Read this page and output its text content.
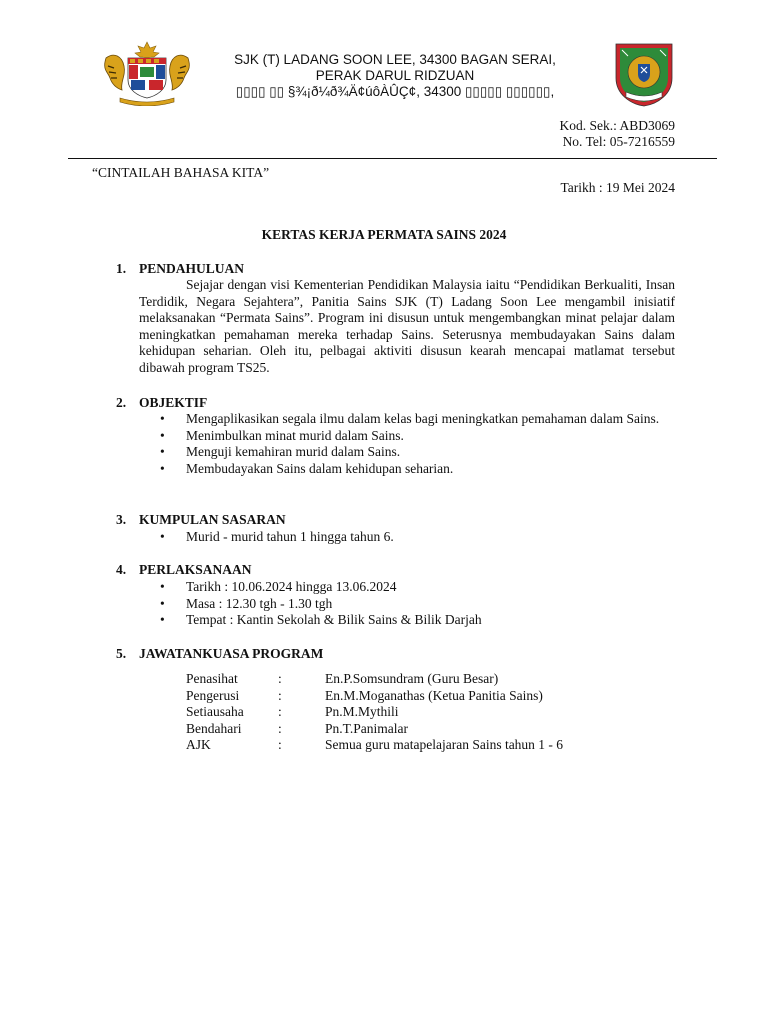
SJK (T) LADANG SOON LEE, 34300 BAGAN SERAI,
PERAK DARUL RIDZUAN
▯▯▯▯ ▯▯ §¾¡ð¼ð¾Ä¢úôÀÛÇ¢, 34300 ▯▯▯▯▯ ▯▯▯▯▯▯,
Kod. Sek.: ABD3069
No. Tel: 05-7216559
“CINTAILAH BAHASA KITA”
Tarikh : 19 Mei 2024
KERTAS KERJA PERMATA SAINS 2024
1. PENDAHULUAN
Sejajar dengan visi Kementerian Pendidikan Malaysia iaitu “Pendidikan Berkualiti, Insan Terdidik, Negara Sejahtera”, Panitia Sains SJK (T) Ladang Soon Lee mengambil inisiatif melaksanakan “Permata Sains”. Program ini disusun untuk mengembangkan minat pelajar dalam meningkatkan pemahaman mereka terhadap Sains. Seterusnya membudayakan Sains dalam kehidupan seharian. Oleh itu, pelbagai aktiviti disusun kearah mencapai matlamat tersebut dibawah program TS25.
2. OBJEKTIF
• Mengaplikasikan segala ilmu dalam kelas bagi meningkatkan pemahaman dalam Sains.
• Menimbulkan minat murid dalam Sains.
• Menguji kemahiran murid dalam Sains.
• Membudayakan Sains dalam kehidupan seharian.
3. KUMPULAN SASARAN
• Murid - murid tahun 1 hingga tahun 6.
4. PERLAKSANAAN
• Tarikh : 10.06.2024 hingga 13.06.2024
• Masa : 12.30 tgh - 1.30 tgh
• Tempat : Kantin Sekolah & Bilik Sains & Bilik Darjah
5. JAWATANKUASA PROGRAM
Penasihat	:	En.P.Somsundram (Guru Besar)
Pengerusi	:	En.M.Moganathas (Ketua Panitia Sains)
Setiausaha	:	Pn.M.Mythili
Bendahari	:	Pn.T.Panimalar
AJK	:	Semua guru matapelajaran Sains tahun 1 - 6
